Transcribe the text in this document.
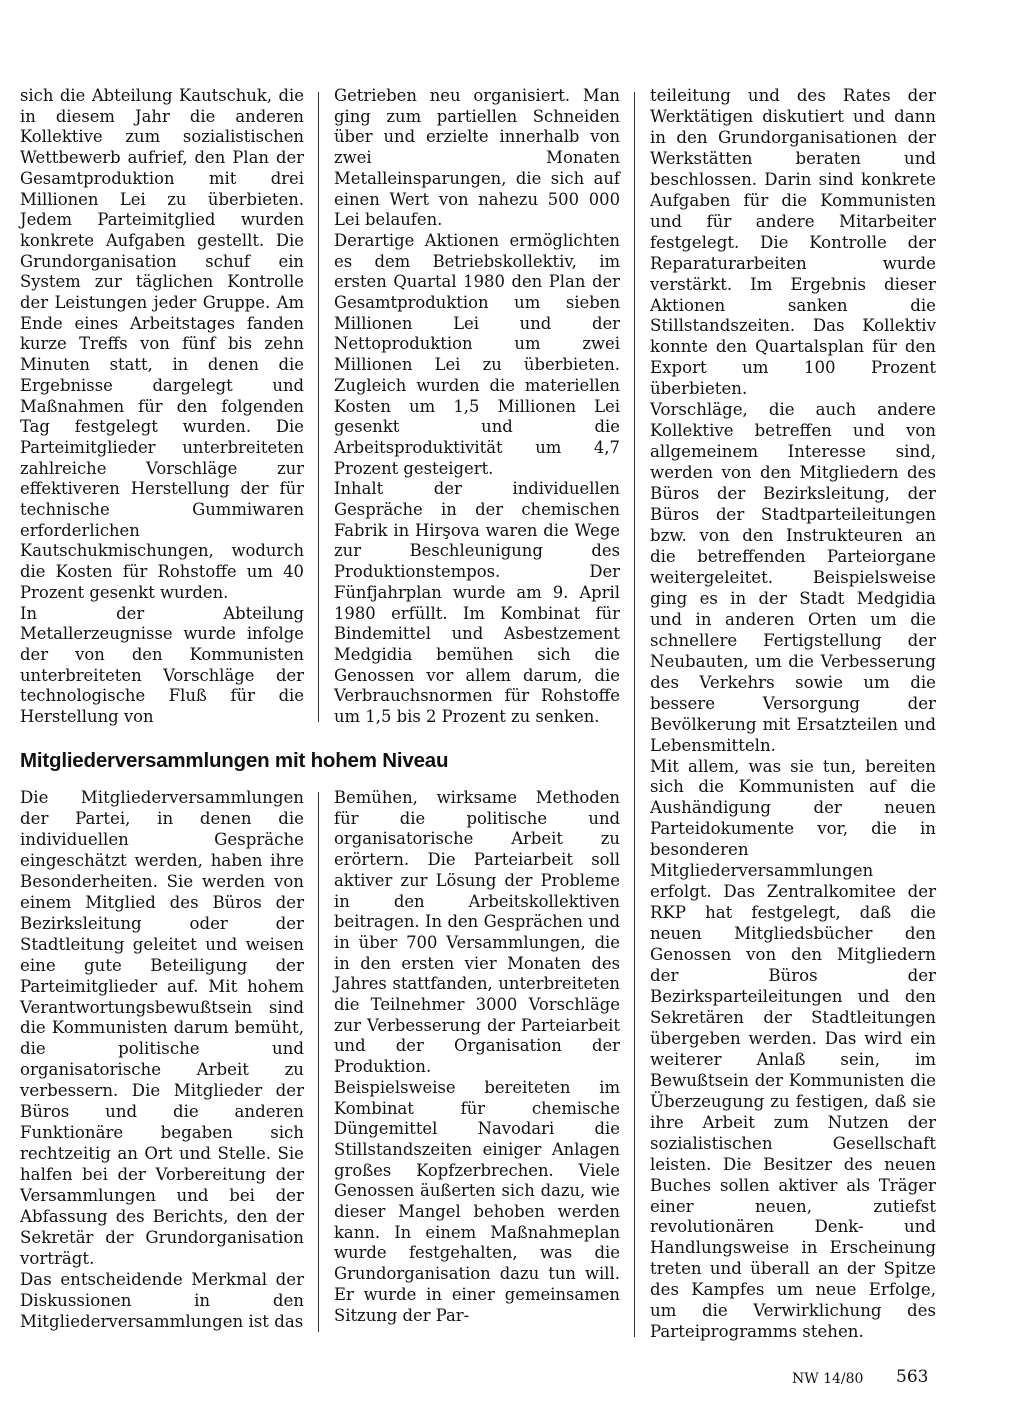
sich die Abteilung Kautschuk, die in diesem Jahr die anderen Kollektive zum sozialistischen Wettbewerb aufrief, den Plan der Gesamtproduktion mit drei Millionen Lei zu überbieten. Jedem Parteimitglied wurden konkrete Aufgaben gestellt. Die Grundorganisation schuf ein System zur täglichen Kontrolle der Leistungen jeder Gruppe. Am Ende eines Arbeitstages fanden kurze Treffs von fünf bis zehn Minuten statt, in denen die Ergebnisse dargelegt und Maßnahmen für den folgenden Tag festgelegt wurden. Die Parteimitglieder unterbreiteten zahlreiche Vorschläge zur effektiveren Herstellung der für technische Gummiwaren erforderlichen Kautschukmischungen, wodurch die Kosten für Rohstoffe um 40 Prozent gesenkt wurden.

In der Abteilung Metallerzeugnisse wurde infolge der von den Kommunisten unterbreiteten Vorschläge der technologische Fluß für die Herstellung von

Getrieben neu organisiert. Man ging zum partiellen Schneiden über und erzielte innerhalb von zwei Monaten Metalleinsparungen, die sich auf einen Wert von nahezu 500 000 Lei belaufen.

Derartige Aktionen ermöglichten es dem Betriebskollektiv, im ersten Quartal 1980 den Plan der Gesamtproduktion um sieben Millionen Lei und der Nettoproduktion um zwei Millionen Lei zu überbieten. Zugleich wurden die materiellen Kosten um 1,5 Millionen Lei gesenkt und die Arbeitsproduktivität um 4,7 Prozent gesteigert.

Inhalt der individuellen Gespräche in der chemischen Fabrik in Hirşova waren die Wege zur Beschleunigung des Produktionstempos. Der Fünfjahrplan wurde am 9. April 1980 erfüllt. Im Kombinat für Bindemittel und Asbestzement Medgidia bemühen sich die Genossen vor allem darum, die Verbrauchsnormen für Rohstoffe um 1,5 bis 2 Prozent zu senken.

Mitgliederversammlungen mit hohem Niveau

Die Mitgliederversammlungen der Partei, in denen die individuellen Gespräche eingeschätzt werden, haben ihre Besonderheiten. Sie werden von einem Mitglied des Büros der Bezirksleitung oder der Stadtleitung geleitet und weisen eine gute Beteiligung der Parteimitglieder auf. Mit hohem Verantwortungsbewußtsein sind die Kommunisten darum bemüht, die politische und organisatorische Arbeit zu verbessern. Die Mitglieder der Büros und die anderen Funktionäre begaben sich rechtzeitig an Ort und Stelle. Sie halfen bei der Vorbereitung der Versammlungen und bei der Abfassung des Berichts, den der Sekretär der Grundorganisation vorträgt.

Das entscheidende Merkmal der Diskussionen in den Mitgliederversammlungen ist das

Bemühen, wirksame Methoden für die politische und organisatorische Arbeit zu erörtern. Die Parteiarbeit soll aktiver zur Lösung der Probleme in den Arbeitskollektiven beitragen. In den Gesprächen und in über 700 Versammlungen, die in den ersten vier Monaten des Jahres stattfanden, unterbreiteten die Teilnehmer 3000 Vorschläge zur Verbesserung der Parteiarbeit und der Organisation der Produktion.

Beispielsweise bereiteten im Kombinat für chemische Düngemittel Navodari die Stillstandszeiten einiger Anlagen großes Kopfzerbrechen. Viele Genossen äußerten sich dazu, wie dieser Mangel behoben werden kann. In einem Maßnahmeplan wurde festgehalten, was die Grundorganisation dazu tun will. Er wurde in einer gemeinsamen Sitzung der Par-

teileitung und des Rates der Werktätigen diskutiert und dann in den Grundorganisationen der Werkstätten beraten und beschlossen. Darin sind konkrete Aufgaben für die Kommunisten und für andere Mitarbeiter festgelegt. Die Kontrolle der Reparaturarbeiten wurde verstärkt. Im Ergebnis dieser Aktionen sanken die Stillstandszeiten. Das Kollektiv konnte den Quartalsplan für den Export um 100 Prozent überbieten.

Vorschläge, die auch andere Kollektive betreffen und von allgemeinem Interesse sind, werden von den Mitgliedern des Büros der Bezirksleitung, der Büros der Stadtparteileitungen bzw. von den Instrukteuren an die betreffenden Parteiorgane weitergeleitet. Beispielsweise ging es in der Stadt Medgidia und in anderen Orten um die schnellere Fertigstellung der Neubauten, um die Verbesserung des Verkehrs sowie um die bessere Versorgung der Bevölkerung mit Ersatzteilen und Lebensmitteln.

Mit allem, was sie tun, bereiten sich die Kommunisten auf die Aushändigung der neuen Parteidokumente vor, die in besonderen Mitgliederversammlungen erfolgt. Das Zentralkomitee der RKP hat festgelegt, daß die neuen Mitgliedsbücher den Genossen von den Mitgliedern der Büros der Bezirksparteileitungen und den Sekretären der Stadtleitungen übergeben werden. Das wird ein weiterer Anlaß sein, im Bewußtsein der Kommunisten die Überzeugung zu festigen, daß sie ihre Arbeit zum Nutzen der sozialistischen Gesellschaft leisten. Die Besitzer des neuen Buches sollen aktiver als Träger einer neuen, zutiefst revolutionären Denk- und Handlungsweise in Erscheinung treten und überall an der Spitze des Kampfes um neue Erfolge, um die Verwirklichung des Parteiprogramms stehen.

NW 14/80 563
